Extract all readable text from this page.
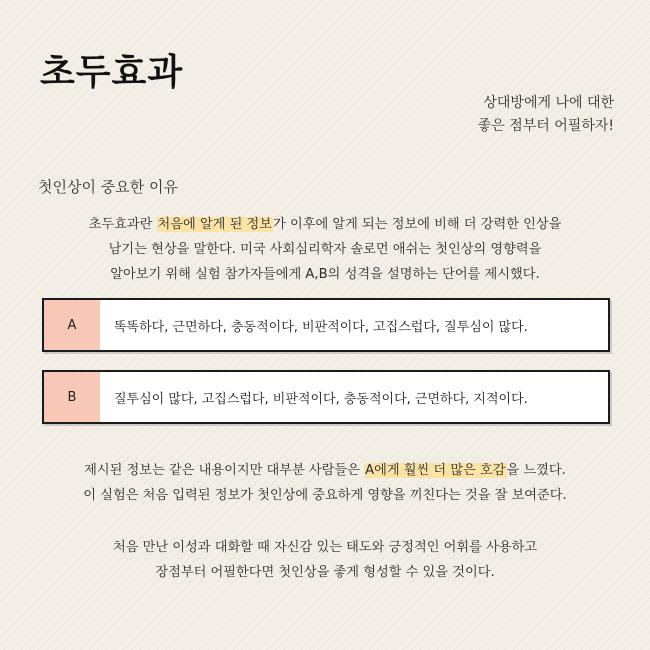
초두효과
상대방에게 나에 대한
좋은 점부터 어필하자!
첫인상이 중요한 이유
초두효과란 처음에 알게 된 정보가 이후에 알게 되는 정보에 비해 더 강력한 인상을
남기는 현상을 말한다. 미국 사회심리학자 솔로먼 애쉬는 첫인상의 영향력을
알아보기 위해 실험 참가자들에게 A,B의 성격을 설명하는 단어를 제시했다.
A	똑똑하다, 근면하다, 충동적이다, 비판적이다, 고집스럽다, 질투심이 많다.
B	질투심이 많다, 고집스럽다, 비판적이다, 충동적이다, 근면하다, 지적이다.
제시된 정보는 같은 내용이지만 대부분 사람들은 A에게 훨씬 더 많은 호감을 느꼈다.
이 실험은 처음 입력된 정보가 첫인상에 중요하게 영향을 끼친다는 것을 잘 보여준다.
처음 만난 이성과 대화할 때 자신감 있는 태도와 긍정적인 어휘를 사용하고
장점부터 어필한다면 첫인상을 좋게 형성할 수 있을 것이다.
